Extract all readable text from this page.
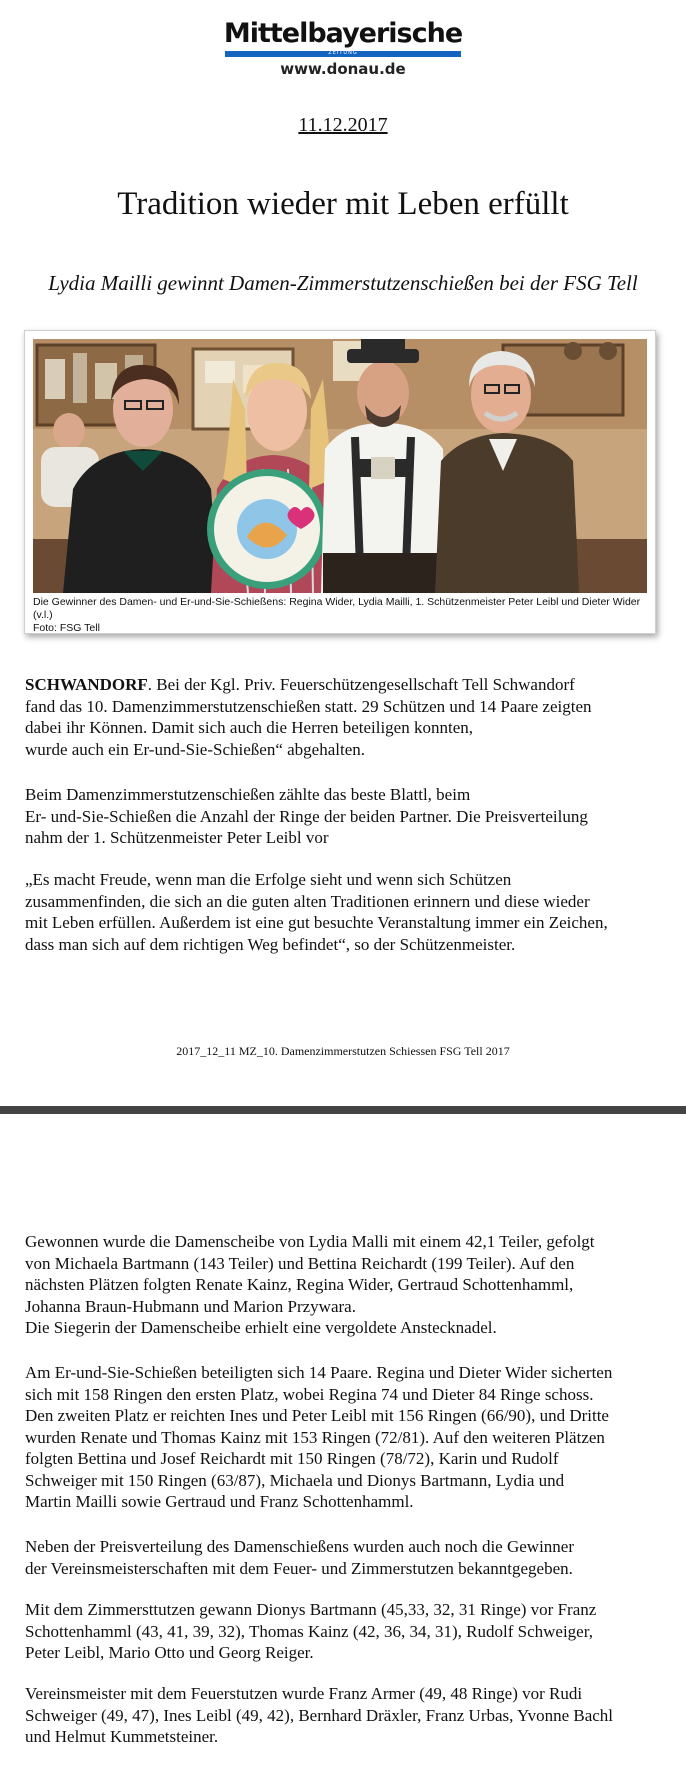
Mittelbayerische
ZEITUNG
www.donau.de
11.12.2017
Tradition wieder mit Leben erfüllt
Lydia Mailli gewinnt Damen-Zimmerstutzenschießen bei der FSG Tell
Die Gewinner des Damen- und Er-und-Sie-Schießens: Regina Wider, Lydia Mailli, 1. Schützenmeister Peter Leibl und Dieter Wider (v.l.)
Foto: FSG Tell

SCHWANDORF. Bei der Kgl. Priv. Feuerschützengesellschaft Tell Schwandorf

fand das 10. Damenzimmerstutzenschießen statt. 29 Schützen und 14 Paare zeigten

dabei ihr Können. Damit sich auch die Herren beteiligen konnten,

wurde auch ein Er-und-Sie-Schießen“ abgehalten.

Beim Damenzimmerstutzenschießen zählte das beste Blattl, beim

Er- und-Sie-Schießen die Anzahl der Ringe der beiden Partner. Die Preisverteilung

nahm der 1. Schützenmeister Peter Leibl vor

„Es macht Freude, wenn man die Erfolge sieht und wenn sich Schützen

zusammenfinden, die sich an die guten alten Traditionen erinnern und diese wieder

mit Leben erfüllen. Außerdem ist eine gut besuchte Veranstaltung immer ein Zeichen,

dass man sich auf dem richtigen Weg befindet“, so der Schützenmeister.

2017_12_11 MZ_10. Damenzimmerstutzen Schiessen FSG Tell 2017

Gewonnen wurde die Damenscheibe von Lydia Malli mit einem 42,1 Teiler, gefolgt

von Michaela Bartmann (143 Teiler) und Bettina Reichardt (199 Teiler). Auf den

nächsten Plätzen folgten Renate Kainz, Regina Wider, Gertraud Schottenhamml,

Johanna Braun-Hubmann und Marion Przywara.

Die Siegerin der Damenscheibe erhielt eine vergoldete Anstecknadel.

Am Er-und-Sie-Schießen beteiligten sich 14 Paare. Regina und Dieter Wider sicherten

sich mit 158 Ringen den ersten Platz, wobei Regina 74 und Dieter 84 Ringe schoss.

Den zweiten Platz er reichten Ines und Peter Leibl mit 156 Ringen (66/90), und Dritte

wurden Renate und Thomas Kainz mit 153 Ringen (72/81). Auf den weiteren Plätzen

folgten Bettina und Josef Reichardt mit 150 Ringen (78/72), Karin und Rudolf

Schweiger mit 150 Ringen (63/87), Michaela und Dionys Bartmann, Lydia und

Martin Mailli sowie Gertraud und Franz Schottenhamml.

Neben der Preisverteilung des Damenschießens wurden auch noch die Gewinner

der Vereinsmeisterschaften mit dem Feuer- und Zimmerstutzen bekanntgegeben.

Mit dem Zimmersttutzen gewann Dionys Bartmann (45,33, 32, 31 Ringe) vor Franz

Schottenhamml (43, 41, 39, 32), Thomas Kainz (42, 36, 34, 31), Rudolf Schweiger,

Peter Leibl, Mario Otto und Georg Reiger.

Vereinsmeister mit dem Feuerstutzen wurde Franz Armer (49, 48 Ringe) vor Rudi

Schweiger (49, 47), Ines Leibl (49, 42), Bernhard Dräxler, Franz Urbas, Yvonne Bachl

und Helmut Kummetsteiner.
